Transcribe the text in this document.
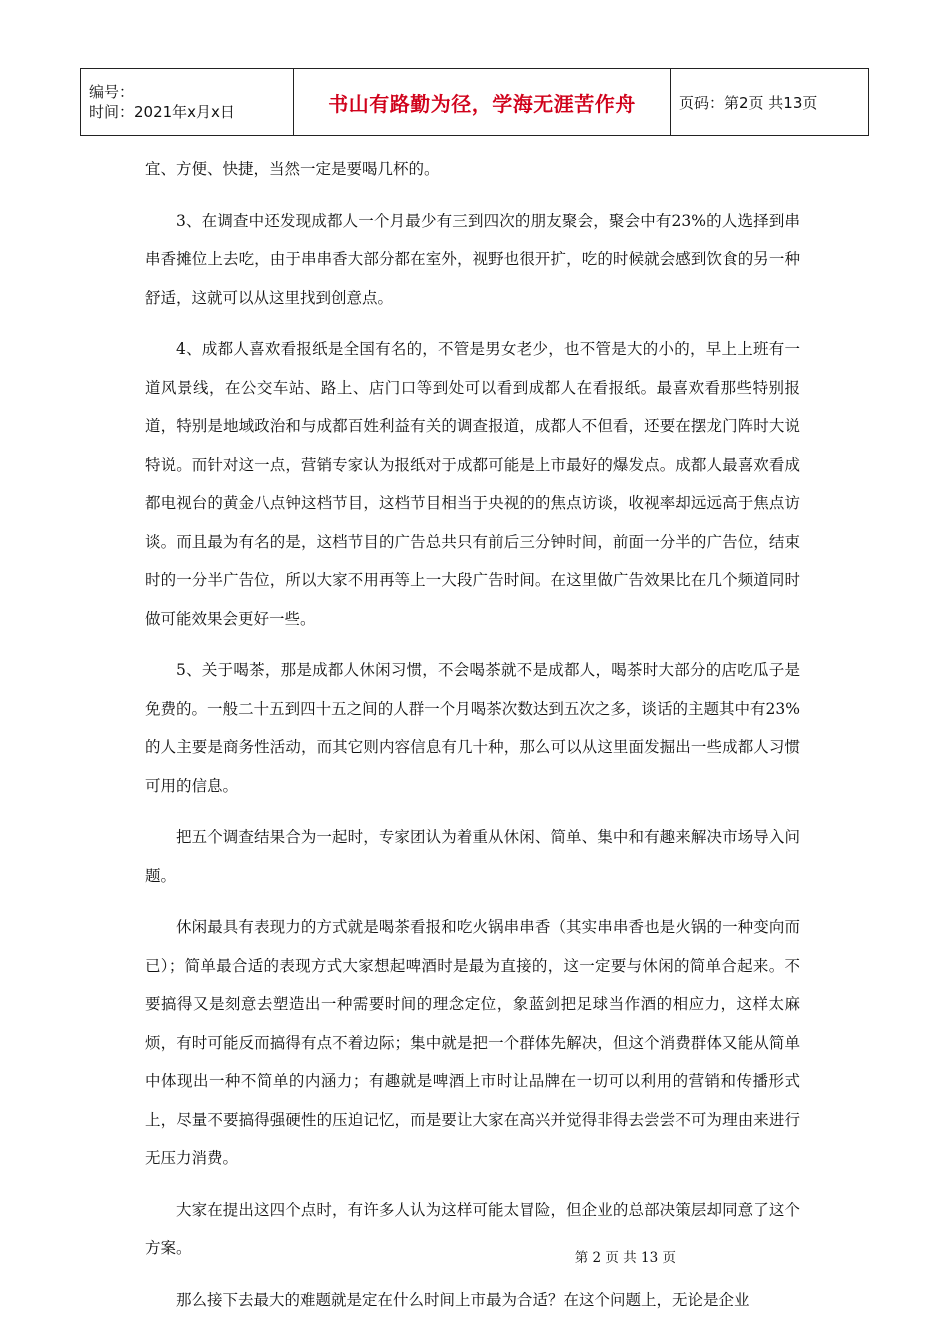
编号：
时间：2021年x月x日	书山有路勤为径，学海无涯苦作舟	页码：第2页 共13页

宜、方便、快捷，当然一定是要喝几杯的。

3、在调查中还发现成都人一个月最少有三到四次的朋友聚会，聚会中有23%的人选择到串串香摊位上去吃，由于串串香大部分都在室外，视野也很开扩，吃的时候就会感到饮食的另一种舒适，这就可以从这里找到创意点。

4、成都人喜欢看报纸是全国有名的，不管是男女老少，也不管是大的小的，早上上班有一道风景线，在公交车站、路上、店门口等到处可以看到成都人在看报纸。最喜欢看那些特别报道，特别是地域政治和与成都百姓利益有关的调查报道，成都人不但看，还要在摆龙门阵时大说特说。而针对这一点，营销专家认为报纸对于成都可能是上市最好的爆发点。成都人最喜欢看成都电视台的黄金八点钟这档节目，这档节目相当于央视的的焦点访谈，收视率却远远高于焦点访谈。而且最为有名的是，这档节目的广告总共只有前后三分钟时间，前面一分半的广告位，结束时的一分半广告位，所以大家不用再等上一大段广告时间。在这里做广告效果比在几个频道同时做可能效果会更好一些。

5、关于喝茶，那是成都人休闲习惯，不会喝茶就不是成都人，喝茶时大部分的店吃瓜子是免费的。一般二十五到四十五之间的人群一个月喝茶次数达到五次之多，谈话的主题其中有23%的人主要是商务性活动，而其它则内容信息有几十种，那么可以从这里面发掘出一些成都人习惯可用的信息。

把五个调查结果合为一起时，专家团认为着重从休闲、简单、集中和有趣来解决市场导入问题。

休闲最具有表现力的方式就是喝茶看报和吃火锅串串香（其实串串香也是火锅的一种变向而已）；简单最合适的表现方式大家想起啤酒时是最为直接的，这一定要与休闲的简单合起来。不要搞得又是刻意去塑造出一种需要时间的理念定位，象蓝剑把足球当作酒的相应力，这样太麻烦，有时可能反而搞得有点不着边际；集中就是把一个群体先解决，但这个消费群体又能从简单中体现出一种不简单的内涵力；有趣就是啤酒上市时让品牌在一切可以利用的营销和传播形式上，尽量不要搞得强硬性的压迫记忆，而是要让大家在高兴并觉得非得去尝尝不可为理由来进行无压力消费。

大家在提出这四个点时，有许多人认为这样可能太冒险，但企业的总部决策层却同意了这个方案。

那么接下去最大的难题就是定在什么时间上市最为合适？在这个问题上，无论是企业

第 2 页 共 13 页
